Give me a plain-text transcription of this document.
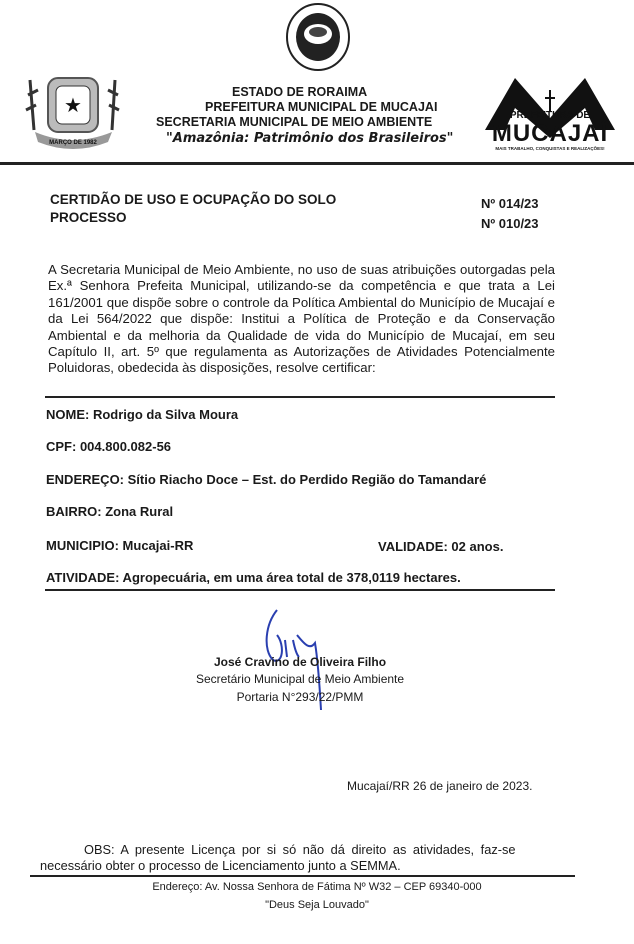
★
MARÇO DE 1982
ESTADO DE RORAIMA
PREFEITURA MUNICIPAL DE MUCAJAI
SECRETARIA MUNICIPAL DE MEIO AMBIENTE
"Amazônia: Patrimônio dos Brasileiros"
PREFEITURA DE
MUCAJAÍ
MAIS TRABALHO, CONQUISTAS E REALIZAÇÕES!
CERTIDÃO DE USO E OCUPAÇÃO DO SOLO
PROCESSO
Nº 014/23
Nº 010/23
A Secretaria Municipal de Meio Ambiente, no uso de suas atribuições outorgadas pela Ex.ª Senhora Prefeita Municipal, utilizando-se da competência e que trata a Lei 161/2001 que dispõe sobre o controle da Política Ambiental do Município de Mucajaí e da Lei 564/2022 que dispõe: Institui a Política de Proteção e da Conservação Ambiental e da melhoria da Qualidade de vida do Município de Mucajaí, em seu Capítulo II, art. 5º que regulamenta as Autorizações de Atividades Potencialmente Poluidoras, obedecida às disposições, resolve certificar:
NOME: Rodrigo da Silva Moura
CPF: 004.800.082-56
ENDEREÇO: Sítio Riacho Doce – Est. do Perdido Região do Tamandaré
BAIRRO: Zona Rural
MUNICIPIO: Mucajai-RR	VALIDADE: 02 anos.
ATIVIDADE: Agropecuária, em uma área total de 378,0119 hectares.
José Cravino de Oliveira Filho
Secretário Municipal de Meio Ambiente
Portaria N°293/22/PMM
Mucajaí/RR 26 de janeiro de 2023.
OBS: A presente Licença por si só não dá direito as atividades, faz-se
necessário obter o processo de Licenciamento junto a SEMMA.
Endereço: Av. Nossa Senhora de Fátima Nº W32 – CEP 69340-000
"Deus Seja Louvado"
